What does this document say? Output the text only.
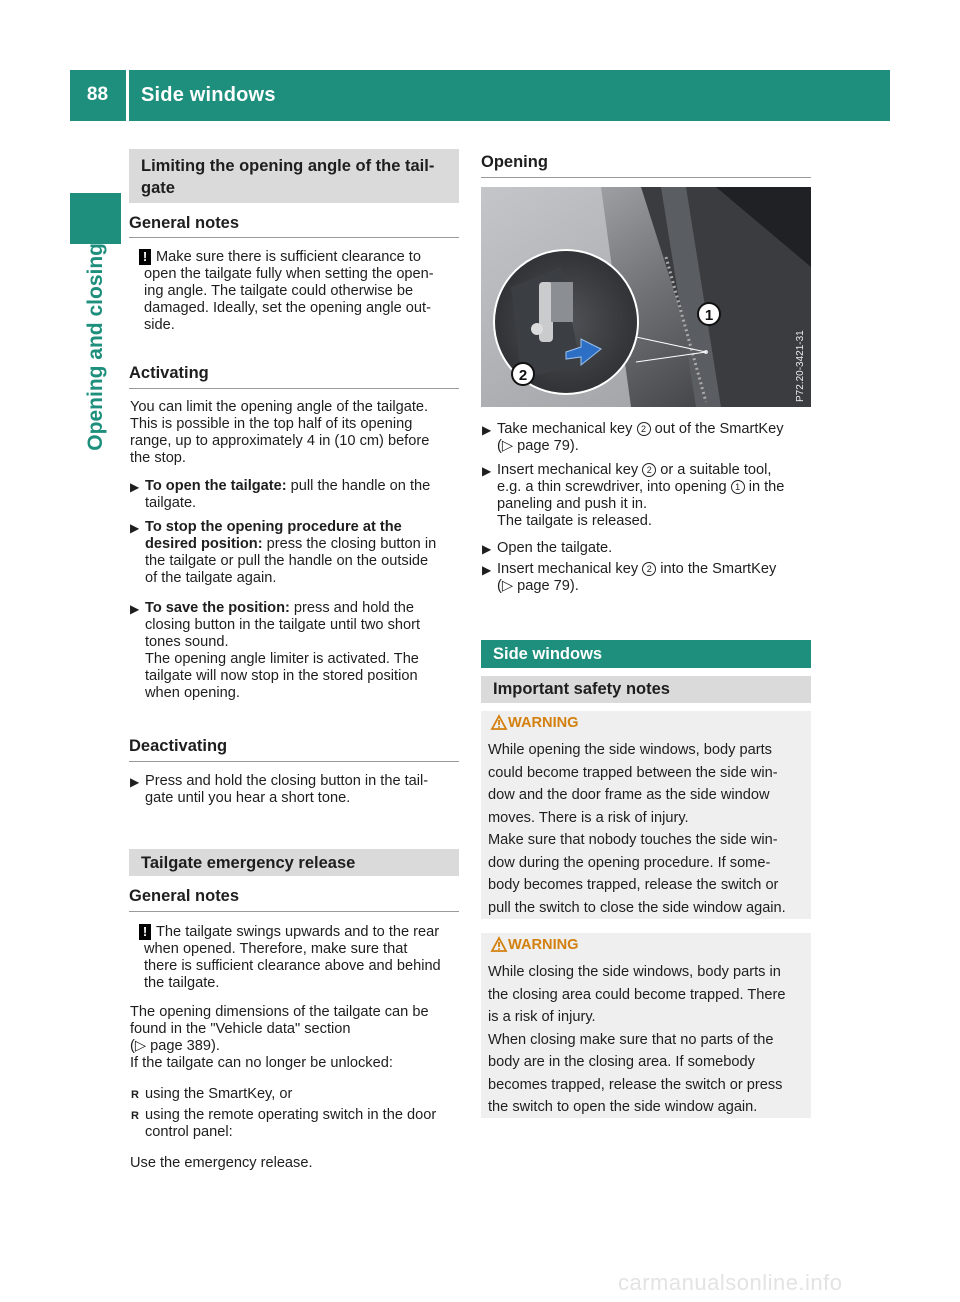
88	Side windows
Opening and closing
Limiting the opening angle of the tail-
gate
General notes
! Make sure there is sufficient clearance to
open the tailgate fully when setting the open-
ing angle. The tailgate could otherwise be
damaged. Ideally, set the opening angle out-
side.
Activating
You can limit the opening angle of the tailgate.
This is possible in the top half of its opening
range, up to approximately 4 in (10 cm) before
the stop.
▶ To open the tailgate: pull the handle on the
tailgate.
▶ To stop the opening procedure at the
desired position: press the closing button in
the tailgate or pull the handle on the outside
of the tailgate again.
▶ To save the position: press and hold the
closing button in the tailgate until two short
tones sound.
The opening angle limiter is activated. The
tailgate will now stop in the stored position
when opening.
Deactivating
▶ Press and hold the closing button in the tail-
gate until you hear a short tone.
Tailgate emergency release
General notes
! The tailgate swings upwards and to the rear
when opened. Therefore, make sure that
there is sufficient clearance above and behind
the tailgate.
The opening dimensions of the tailgate can be
found in the "Vehicle data" section
(▷ page 389).
If the tailgate can no longer be unlocked:
R using the SmartKey, or
R using the remote operating switch in the door
control panel:
Use the emergency release.
Opening
1
2	P72.20-3421-31
▶ Take mechanical key 2 out of the SmartKey
(▷ page 79).
▶ Insert mechanical key 2 or a suitable tool,
e.g. a thin screwdriver, into opening 1 in the
paneling and push it in.
The tailgate is released.
▶ Open the tailgate.
▶ Insert mechanical key 2 into the SmartKey
(▷ page 79).
Side windows
Important safety notes
WARNING
While opening the side windows, body parts
could become trapped between the side win-
dow and the door frame as the side window
moves. There is a risk of injury.
Make sure that nobody touches the side win-
dow during the opening procedure. If some-
body becomes trapped, release the switch or
pull the switch to close the side window again.
WARNING
While closing the side windows, body parts in
the closing area could become trapped. There
is a risk of injury.
When closing make sure that no parts of the
body are in the closing area. If somebody
becomes trapped, release the switch or press
the switch to open the side window again.
carmanualsonline.info
